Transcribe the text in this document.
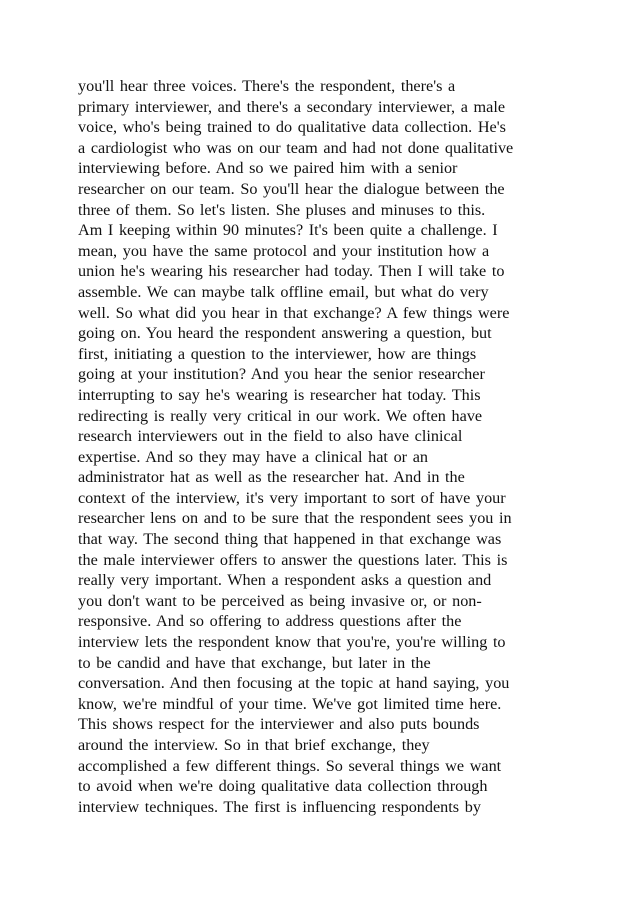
you'll hear three voices. There's the respondent, there's a
primary interviewer, and there's a secondary interviewer, a male
voice, who's being trained to do qualitative data collection. He's
a cardiologist who was on our team and had not done qualitative
interviewing before. And so we paired him with a senior
researcher on our team. So you'll hear the dialogue between the
three of them. So let's listen. She pluses and minuses to this.
Am I keeping within 90 minutes? It's been quite a challenge. I
mean, you have the same protocol and your institution how a
union he's wearing his researcher had today. Then I will take to
assemble. We can maybe talk offline email, but what do very
well. So what did you hear in that exchange? A few things were
going on. You heard the respondent answering a question, but
first, initiating a question to the interviewer, how are things
going at your institution? And you hear the senior researcher
interrupting to say he's wearing is researcher hat today. This
redirecting is really very critical in our work. We often have
research interviewers out in the field to also have clinical
expertise. And so they may have a clinical hat or an
administrator hat as well as the researcher hat. And in the
context of the interview, it's very important to sort of have your
researcher lens on and to be sure that the respondent sees you in
that way. The second thing that happened in that exchange was
the male interviewer offers to answer the questions later. This is
really very important. When a respondent asks a question and
you don't want to be perceived as being invasive or, or non-
responsive. And so offering to address questions after the
interview lets the respondent know that you're, you're willing to
to be candid and have that exchange, but later in the
conversation. And then focusing at the topic at hand saying, you
know, we're mindful of your time. We've got limited time here.
This shows respect for the interviewer and also puts bounds
around the interview. So in that brief exchange, they
accomplished a few different things. So several things we want
to avoid when we're doing qualitative data collection through
interview techniques. The first is influencing respondents by
